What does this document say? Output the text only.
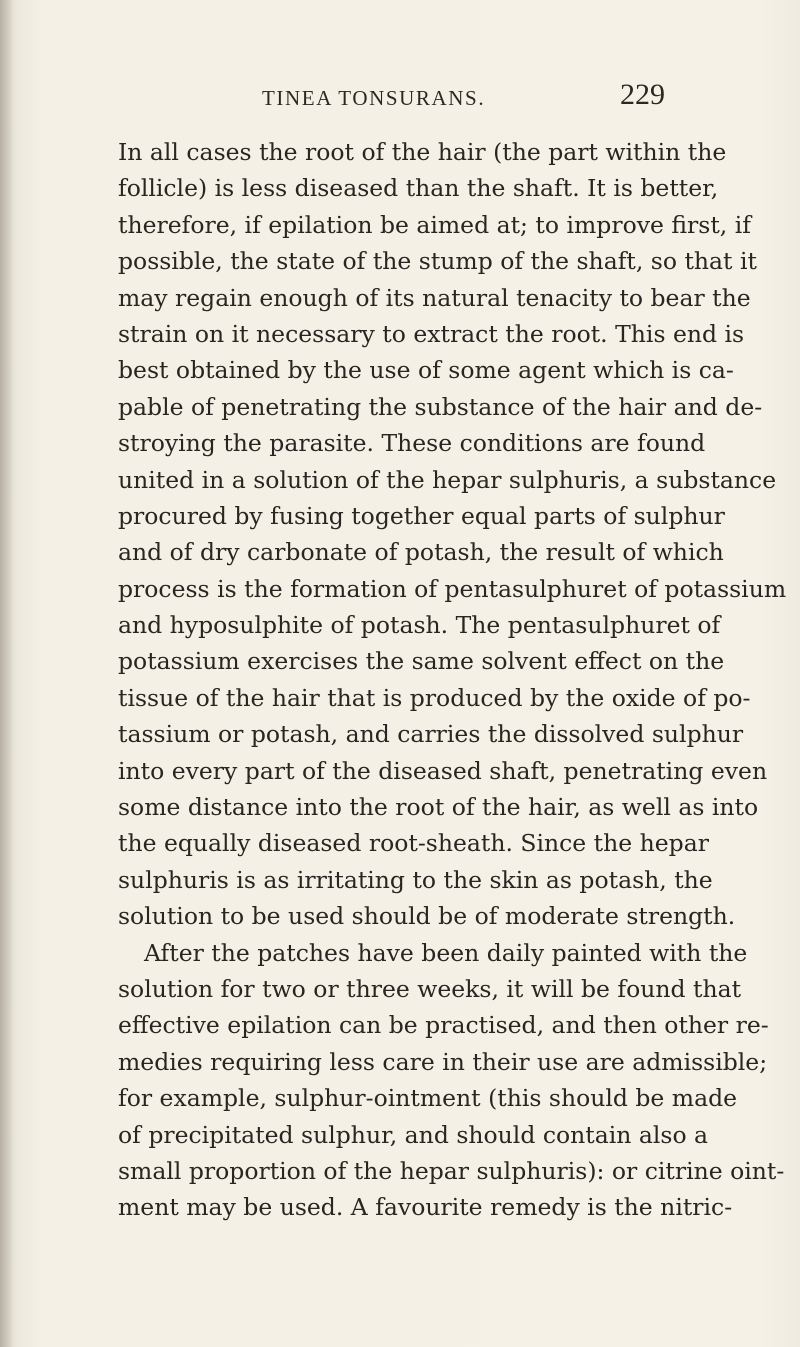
TINEA TONSURANS.	229
In all cases the root of the hair (the part within the
follicle) is less diseased than the shaft. It is better,
therefore, if epilation be aimed at; to improve first, if
possible, the state of the stump of the shaft, so that it
may regain enough of its natural tenacity to bear the
strain on it necessary to extract the root. This end is
best obtained by the use of some agent which is ca-
pable of penetrating the substance of the hair and de-
stroying the parasite. These conditions are found
united in a solution of the hepar sulphuris, a substance
procured by fusing together equal parts of sulphur
and of dry carbonate of potash, the result of which
process is the formation of pentasulphuret of potassium
and hyposulphite of potash. The pentasulphuret of
potassium exercises the same solvent effect on the
tissue of the hair that is produced by the oxide of po-
tassium or potash, and carries the dissolved sulphur
into every part of the diseased shaft, penetrating even
some distance into the root of the hair, as well as into
the equally diseased root-sheath. Since the hepar
sulphuris is as irritating to the skin as potash, the
solution to be used should be of moderate strength.
After the patches have been daily painted with the
solution for two or three weeks, it will be found that
effective epilation can be practised, and then other re-
medies requiring less care in their use are admissible;
for example, sulphur-ointment (this should be made
of precipitated sulphur, and should contain also a
small proportion of the hepar sulphuris): or citrine oint-
ment may be used. A favourite remedy is the nitric-
